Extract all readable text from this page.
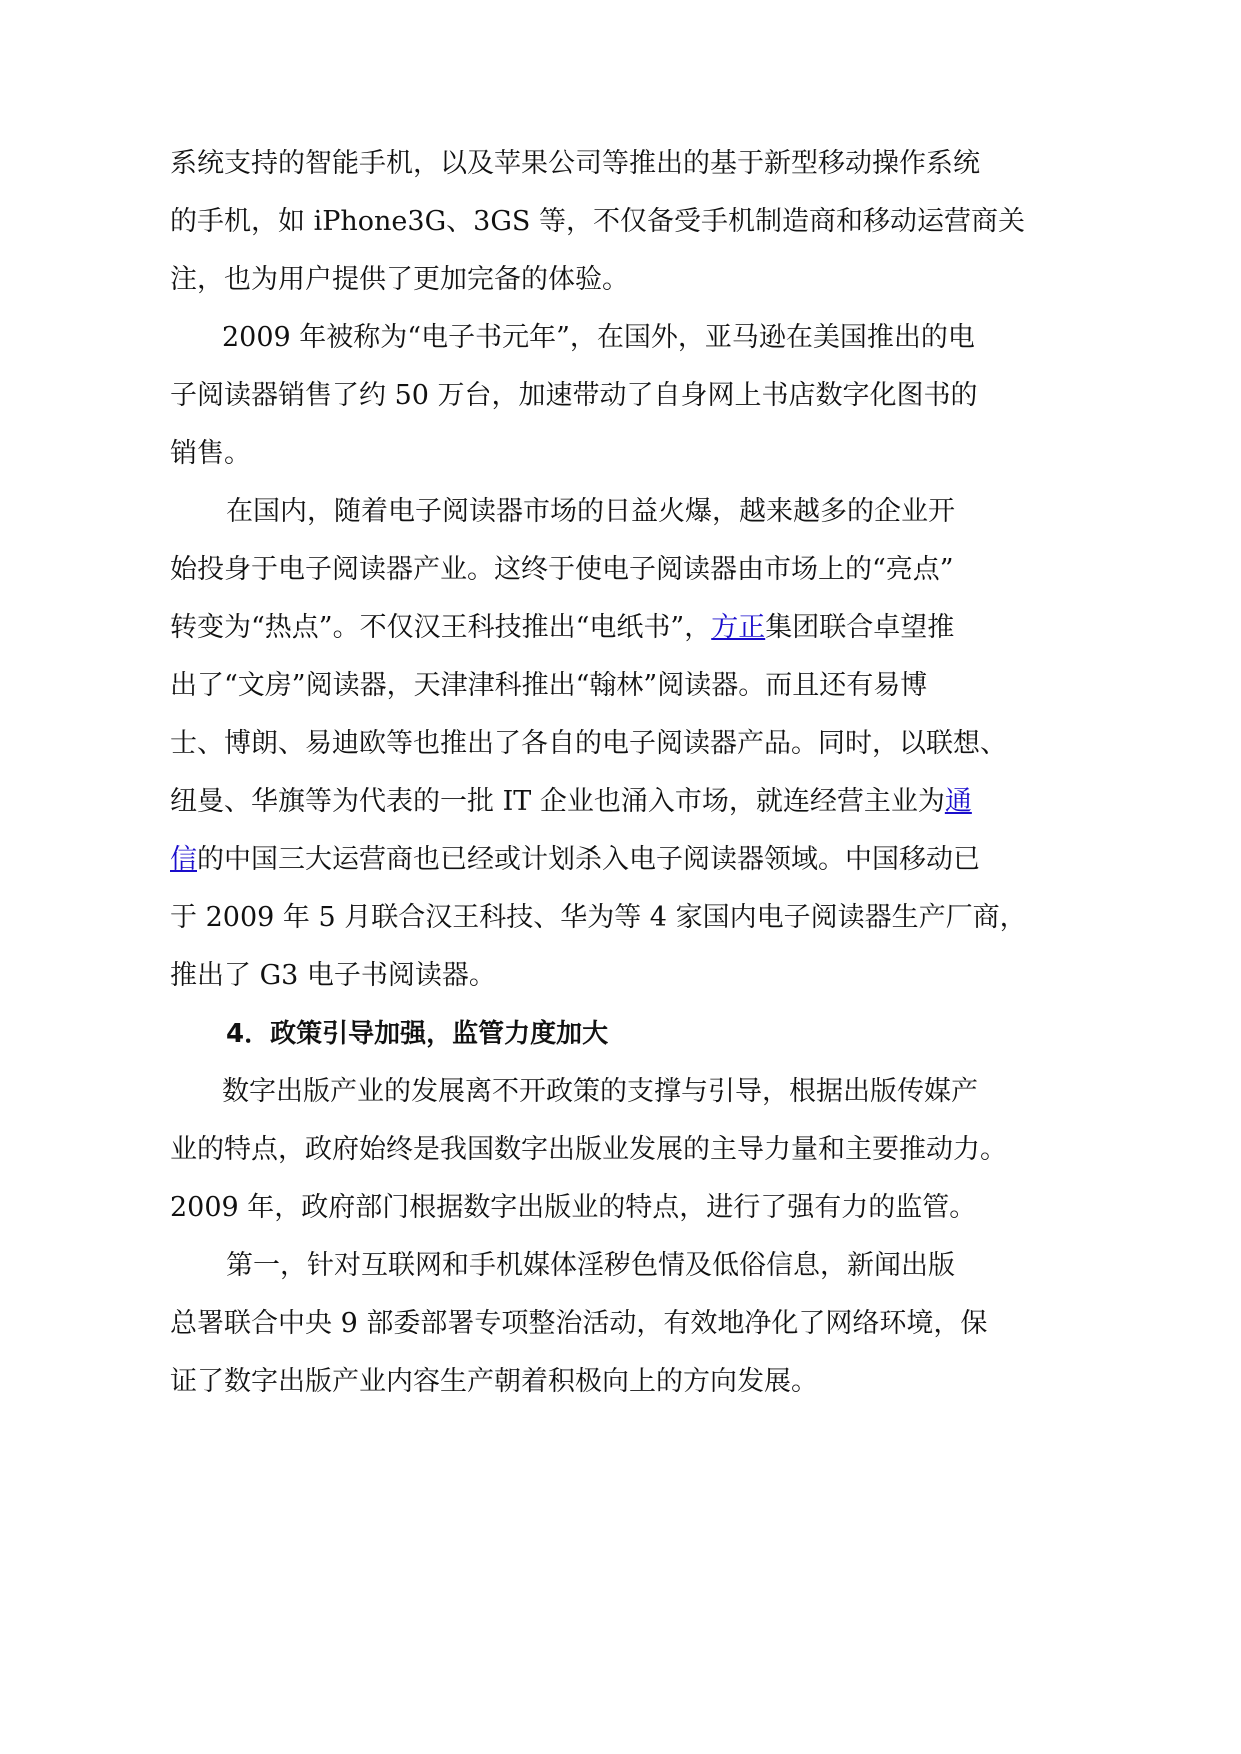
系统支持的智能手机，以及苹果公司等推出的基于新型移动操作系统
的手机，如 iPhone3G、3GS 等，不仅备受手机制造商和移动运营商关
注，也为用户提供了更加完备的体验。
2009 年被称为“电子书元年”，在国外，亚马逊在美国推出的电
子阅读器销售了约 50 万台，加速带动了自身网上书店数字化图书的
销售。
在国内，随着电子阅读器市场的日益火爆，越来越多的企业开
始投身于电子阅读器产业。这终于使电子阅读器由市场上的“亮点”
转变为“热点”。不仅汉王科技推出“电纸书”，方正集团联合卓望推
出了“文房”阅读器，天津津科推出“翰林”阅读器。而且还有易博
士、博朗、易迪欧等也推出了各自的电子阅读器产品。同时，以联想、
纽曼、华旗等为代表的一批 IT 企业也涌入市场，就连经营主业为通
信的中国三大运营商也已经或计划杀入电子阅读器领域。中国移动已
于 2009 年 5 月联合汉王科技、华为等 4 家国内电子阅读器生产厂商，
推出了 G3 电子书阅读器。
4．政策引导加强，监管力度加大
数字出版产业的发展离不开政策的支撑与引导，根据出版传媒产
业的特点，政府始终是我国数字出版业发展的主导力量和主要推动力。
2009 年，政府部门根据数字出版业的特点，进行了强有力的监管。
第一，针对互联网和手机媒体淫秽色情及低俗信息，新闻出版
总署联合中央 9 部委部署专项整治活动，有效地净化了网络环境，保
证了数字出版产业内容生产朝着积极向上的方向发展。
